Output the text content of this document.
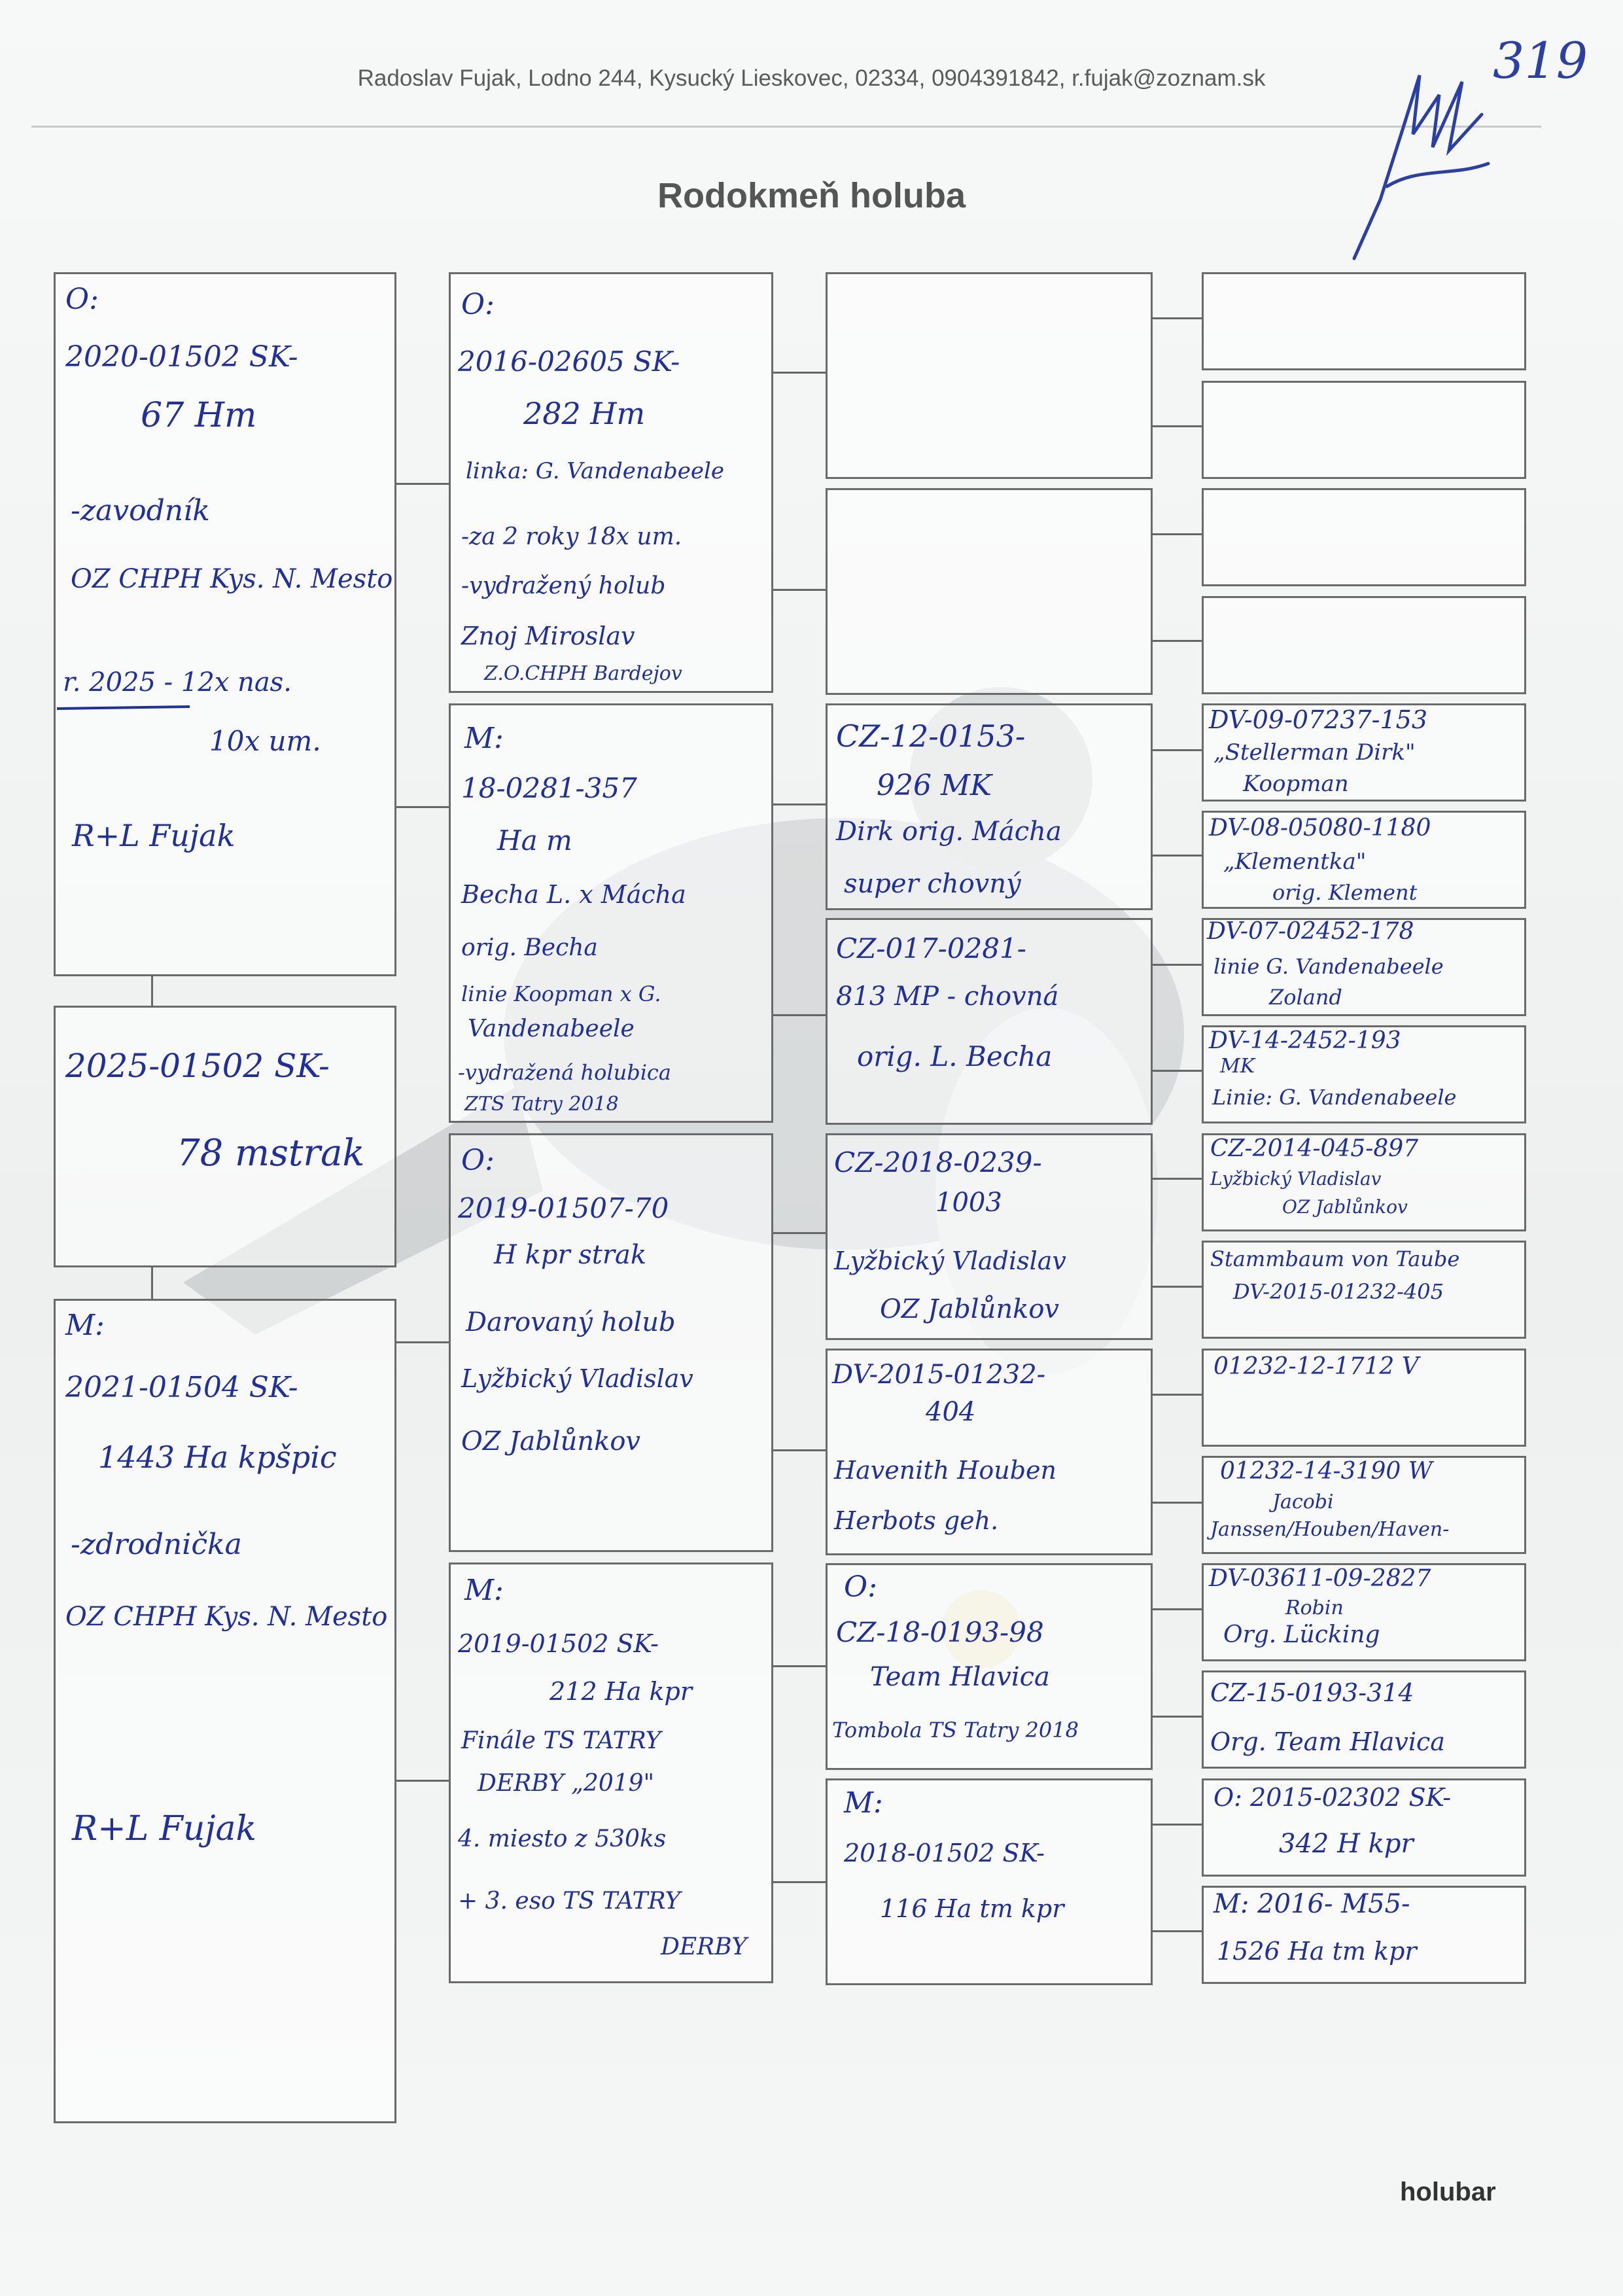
Radoslav Fujak, Lodno 244, Kysucký Lieskovec, 02334, 0904391842, r.fujak@zoznam.sk
Rodokmeň holuba
319
O:
2020-01502 SK-
67 Hm
-zavodník
OZ CHPH Kys. N. Mesto
r. 2025 - 12x nas.
10x um.
R+L Fujak
2025-01502 SK-
78 mstrak
M:
2021-01504 SK-
1443 Ha kpšpic
-zdrodnička
OZ CHPH Kys. N. Mesto
R+L Fujak
O:
2016-02605 SK-
282 Hm
linka: G. Vandenabeele
-za 2 roky 18x um.
-vydražený holub
Znoj Miroslav
Z.O.CHPH Bardejov
M:
18-0281-357
Ha m
Becha L. x Mácha
orig. Becha
linie Koopman x G.
Vandenabeele
-vydražená holubica
ZTS Tatry 2018
O:
2019-01507-70
H kpr strak
Darovaný holub
Lyžbický Vladislav
OZ Jablůnkov
M:
2019-01502 SK-
212 Ha kpr
Finále TS TATRY
DERBY „2019"
4. miesto z 530ks
+ 3. eso TS TATRY
DERBY
CZ-12-0153-
926 MK
Dirk orig. Mácha
super chovný
CZ-017-0281-
813 MP - chovná
orig. L. Becha
CZ-2018-0239-
1003
Lyžbický Vladislav
OZ Jablůnkov
DV-2015-01232-
404
Havenith Houben
Herbots geh.
O:
CZ-18-0193-98
Team Hlavica
Tombola TS Tatry 2018
M:
2018-01502 SK-
116 Ha tm kpr
DV-09-07237-153
„Stellerman Dirk"
Koopman
DV-08-05080-1180
„Klementka"
orig. Klement
DV-07-02452-178
linie G. Vandenabeele
Zoland
DV-14-2452-193
MK
Linie: G. Vandenabeele
CZ-2014-045-897
Lyžbický Vladislav
OZ Jablůnkov
Stammbaum von Taube
DV-2015-01232-405
01232-12-1712 V
01232-14-3190 W
Jacobi
Janssen/Houben/Haven-
DV-03611-09-2827
Robin
Org. Lücking
CZ-15-0193-314
Org. Team Hlavica
O: 2015-02302 SK-
342 H kpr
M: 2016- M55-
1526 Ha tm kpr
holubar
